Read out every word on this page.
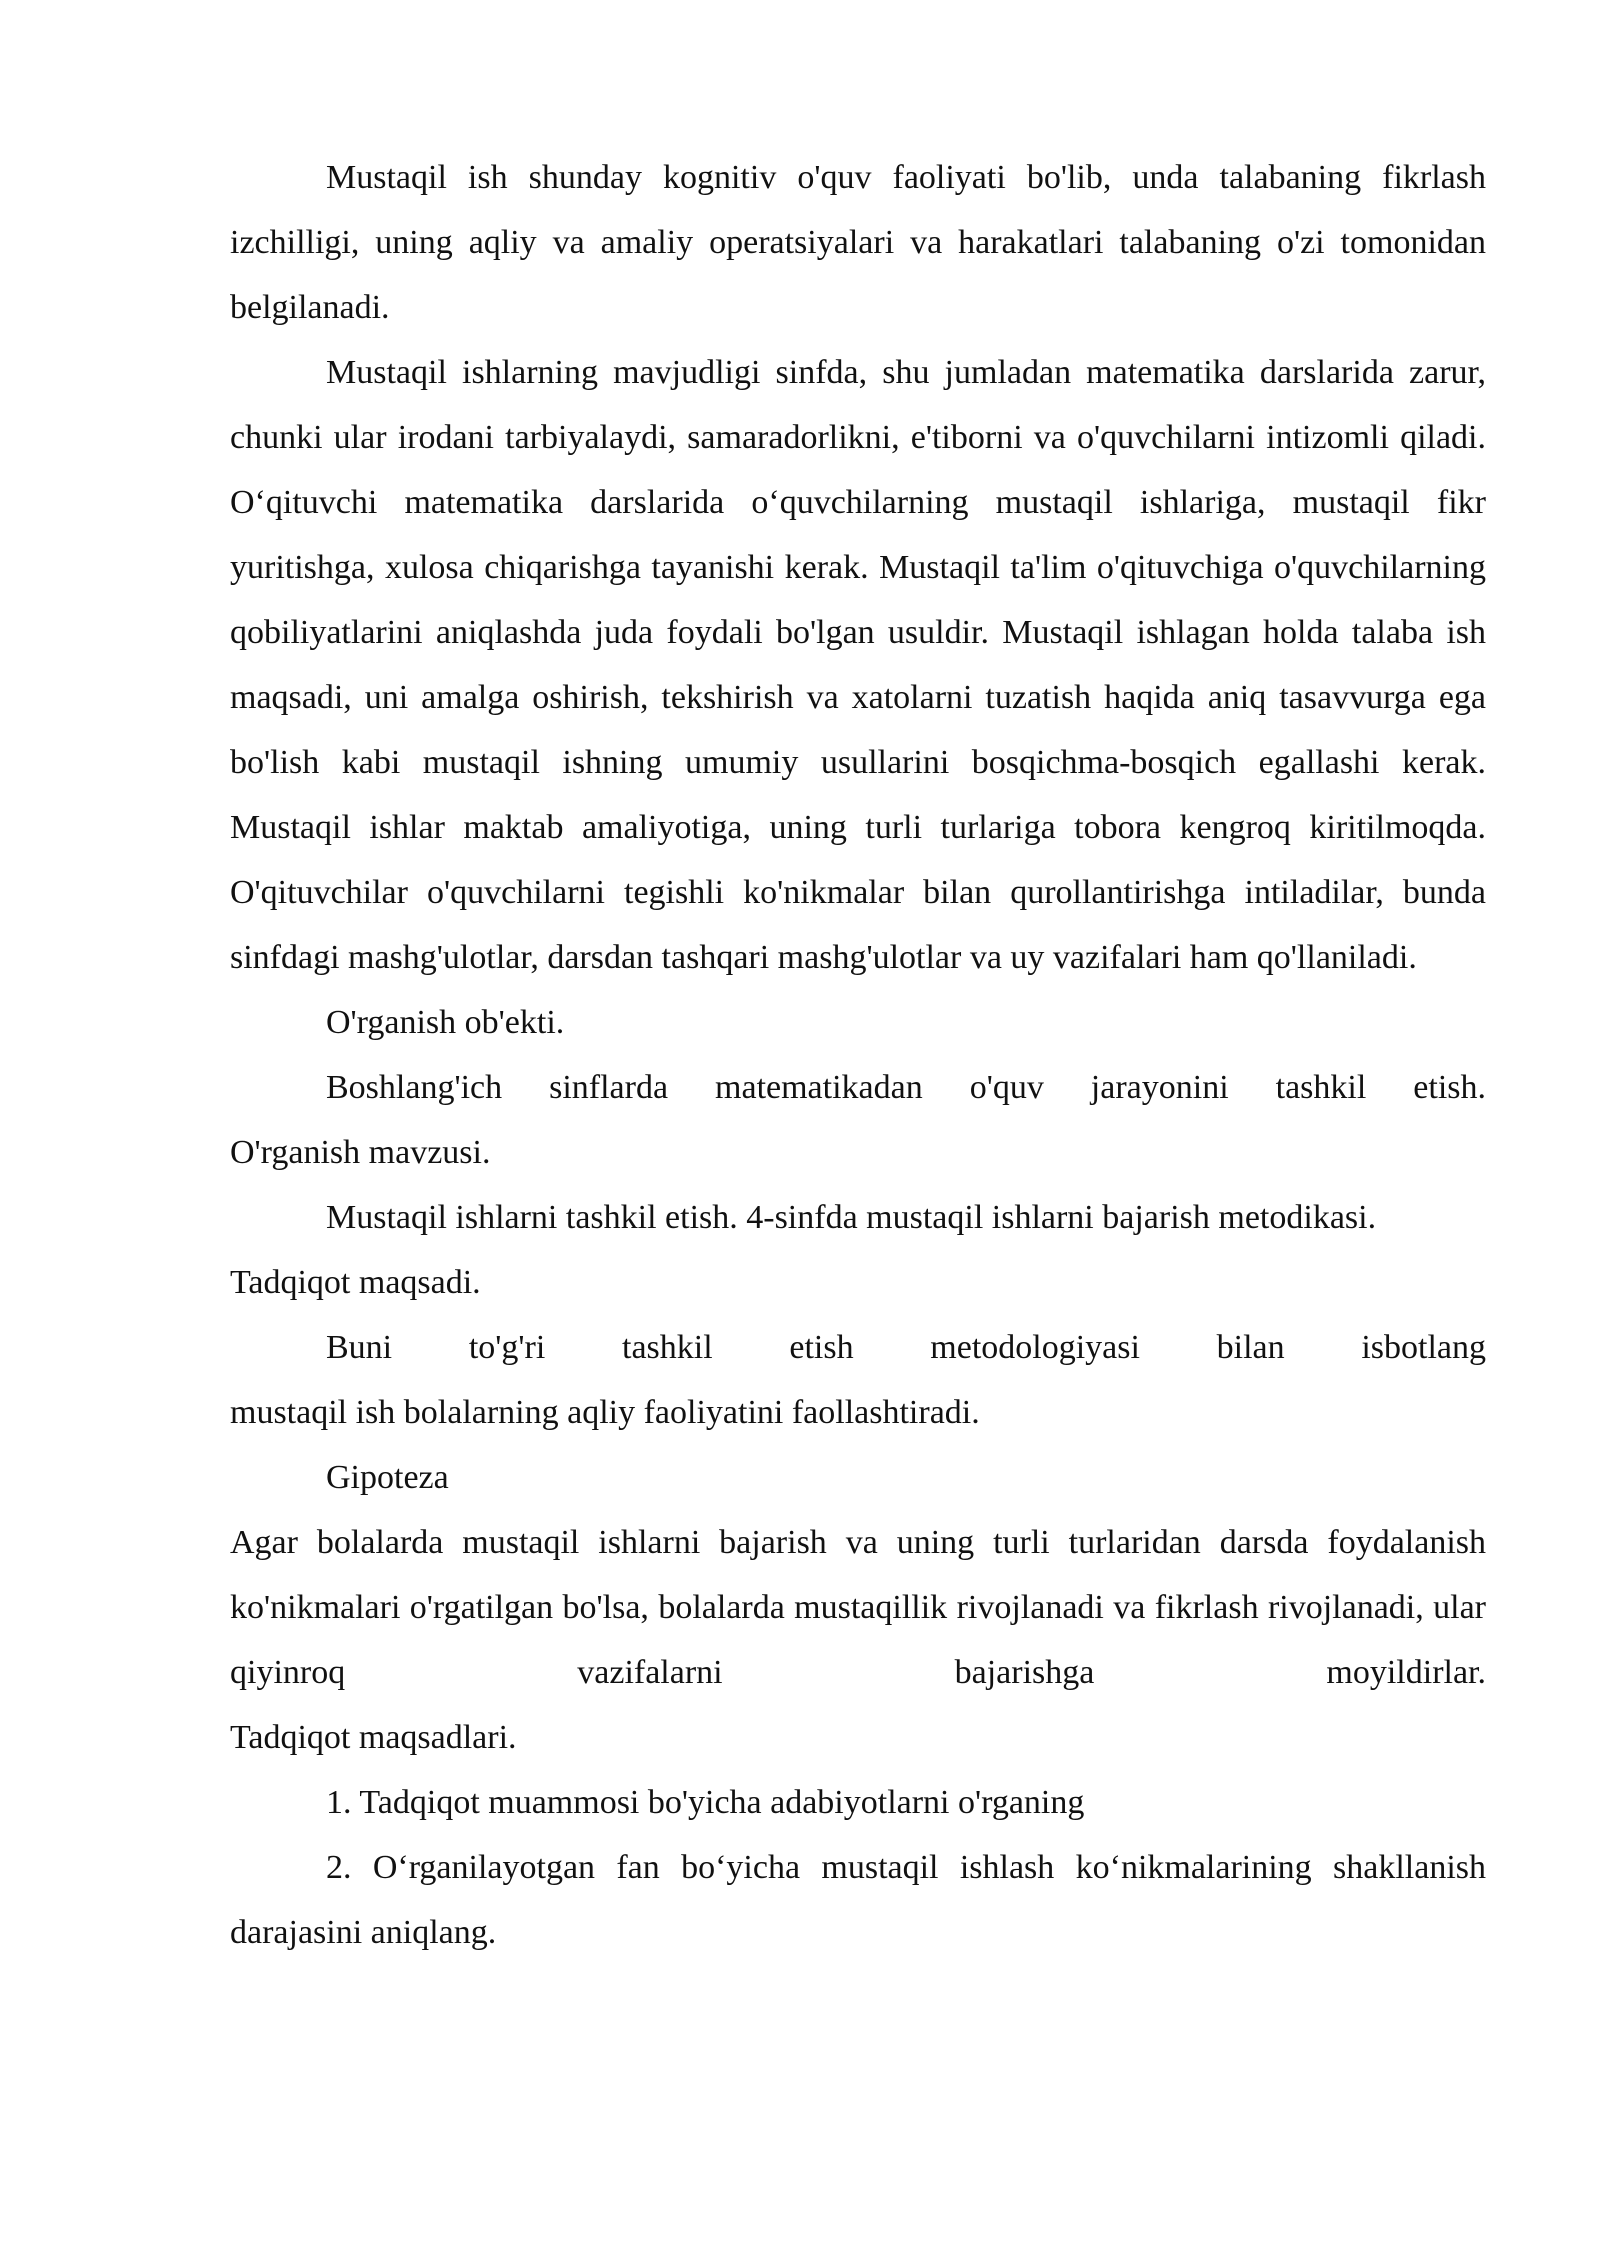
Mustaqil ish shunday kognitiv o'quv faoliyati bo'lib, unda talabaning fikrlash izchilligi, uning aqliy va amaliy operatsiyalari va harakatlari talabaning o'zi tomonidan belgilanadi.

Mustaqil ishlarning mavjudligi sinfda, shu jumladan matematika darslarida zarur, chunki ular irodani tarbiyalaydi, samaradorlikni, e'tiborni va o'quvchilarni intizomli qiladi. O‘qituvchi matematika darslarida o‘quvchilarning mustaqil ishlariga, mustaqil fikr yuritishga, xulosa chiqarishga tayanishi kerak. Mustaqil ta'lim o'qituvchiga o'quvchilarning qobiliyatlarini aniqlashda juda foydali bo'lgan usuldir. Mustaqil ishlagan holda talaba ish maqsadi, uni amalga oshirish, tekshirish va xatolarni tuzatish haqida aniq tasavvurga ega bo'lish kabi mustaqil ishning umumiy usullarini bosqichma-bosqich egallashi kerak.

Mustaqil ishlar maktab amaliyotiga, uning turli turlariga tobora kengroq kiritilmoqda. O'qituvchilar o'quvchilarni tegishli ko'nikmalar bilan qurollantirishga intiladilar, bunda sinfdagi mashg'ulotlar, darsdan tashqari mashg'ulotlar va uy vazifalari ham qo'llaniladi.

O'rganish ob'ekti.

Boshlang'ich sinflarda matematikadan o'quv jarayonini tashkil etish.

O'rganish mavzusi.

Mustaqil ishlarni tashkil etish. 4-sinfda mustaqil ishlarni bajarish metodikasi.

Tadqiqot maqsadi.

Buni to'g'ri tashkil etish metodologiyasi bilan isbotlang

mustaqil ish bolalarning aqliy faoliyatini faollashtiradi.

Gipoteza

Agar bolalarda mustaqil ishlarni bajarish va uning turli turlaridan darsda foydalanish ko'nikmalari o'rgatilgan bo'lsa, bolalarda mustaqillik rivojlanadi va fikrlash rivojlanadi, ular qiyinroq vazifalarni bajarishga moyildirlar.

Tadqiqot maqsadlari.

1. Tadqiqot muammosi bo'yicha adabiyotlarni o'rganing

2. O‘rganilayotgan fan bo‘yicha mustaqil ishlash ko‘nikmalarining shakllanish darajasini aniqlang.
